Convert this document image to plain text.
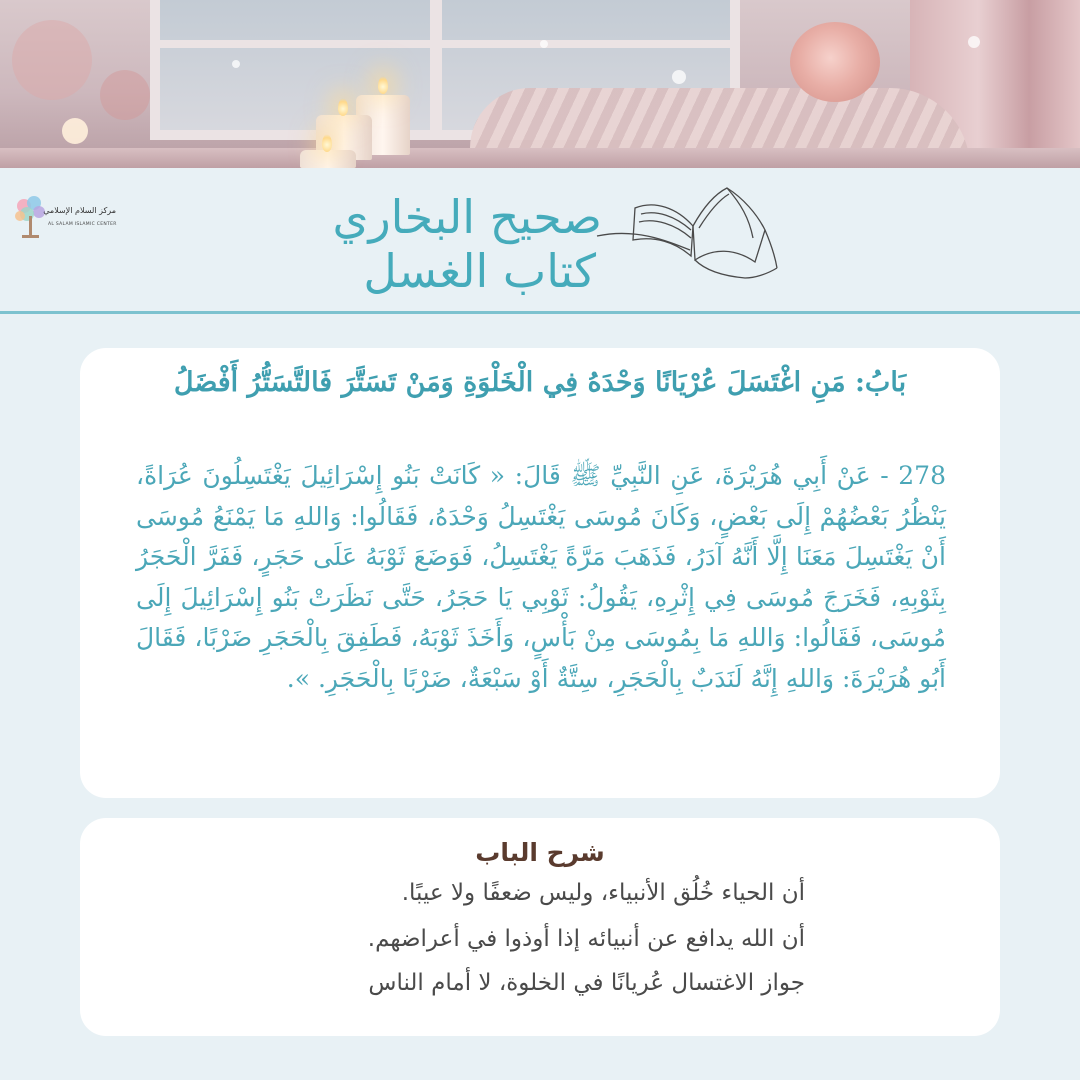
مركز السلام الإسلامي
AL SALAM ISLAMIC CENTER	صحيح البخاري
كتاب الغسل
بَابُ: مَنِ اغْتَسَلَ عُرْيَانًا وَحْدَهُ فِي الْخَلْوَةِ وَمَنْ تَسَتَّرَ فَالتَّسَتُّرُ أَفْضَلُ
278 - عَنْ أَبِي هُرَيْرَةَ، عَنِ النَّبِيِّ ﷺ قَالَ: « كَانَتْ بَنُو إِسْرَائِيلَ يَغْتَسِلُونَ عُرَاةً، يَنْظُرُ بَعْضُهُمْ إِلَى بَعْضٍ، وَكَانَ مُوسَى يَغْتَسِلُ وَحْدَهُ، فَقَالُوا: وَاللهِ مَا يَمْنَعُ مُوسَى أَنْ يَغْتَسِلَ مَعَنَا إِلَّا أَنَّهُ آدَرُ، فَذَهَبَ مَرَّةً يَغْتَسِلُ، فَوَضَعَ ثَوْبَهُ عَلَى حَجَرٍ، فَفَرَّ الْحَجَرُ بِثَوْبِهِ، فَخَرَجَ مُوسَى فِي إِثْرِهِ، يَقُولُ: ثَوْبِي يَا حَجَرُ، حَتَّى نَظَرَتْ بَنُو إِسْرَائِيلَ إِلَى مُوسَى، فَقَالُوا: وَاللهِ مَا بِمُوسَى مِنْ بَأْسٍ، وَأَخَذَ ثَوْبَهُ، فَطَفِقَ بِالْحَجَرِ ضَرْبًا، فَقَالَ أَبُو هُرَيْرَةَ: وَاللهِ إِنَّهُ لَنَدَبٌ بِالْحَجَرِ، سِتَّةٌ أَوْ سَبْعَةٌ، ضَرْبًا بِالْحَجَرِ. ».
شرح الباب
أن الحياء خُلُق الأنبياء، وليس ضعفًا ولا عيبًا.
أن الله يدافع عن أنبيائه إذا أوذوا في أعراضهم.
جواز الاغتسال عُريانًا في الخلوة، لا أمام الناس
